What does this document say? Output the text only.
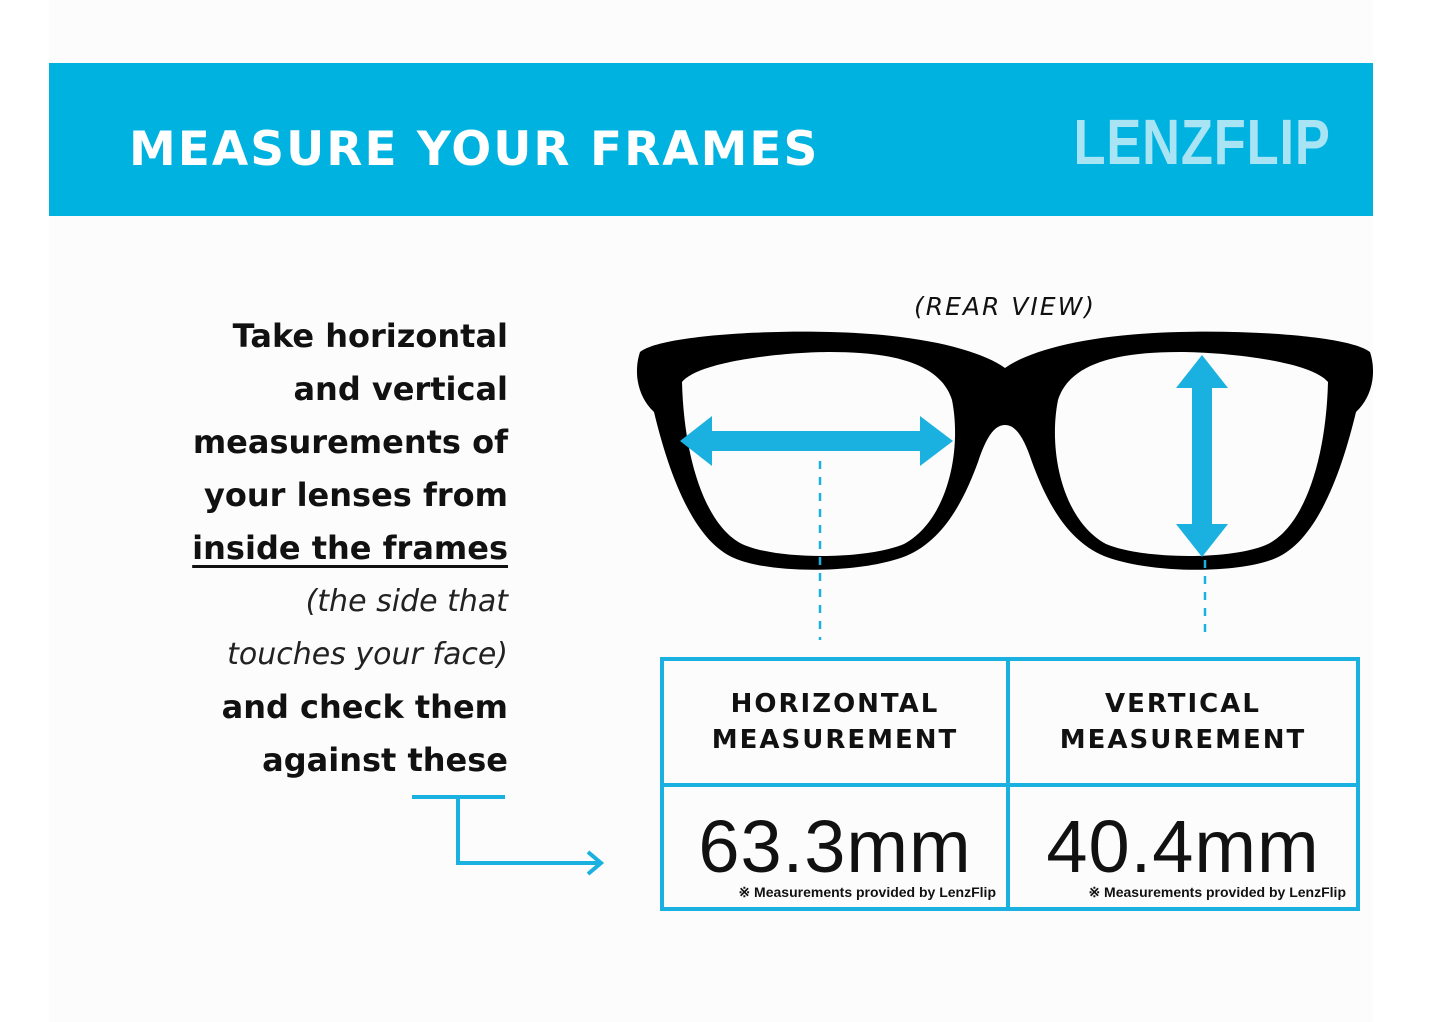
MEASURE YOUR FRAMES	LENZFLIP
Take horizontal
and vertical
measurements of
your lenses from
inside the frames
(the side that
touches your face)
and check them
against these
(REAR VIEW)
HORIZONTAL MEASUREMENT
VERTICAL MEASUREMENT
63.3mm
※ Measurements provided by LenzFlip
40.4mm
※ Measurements provided by LenzFlip
